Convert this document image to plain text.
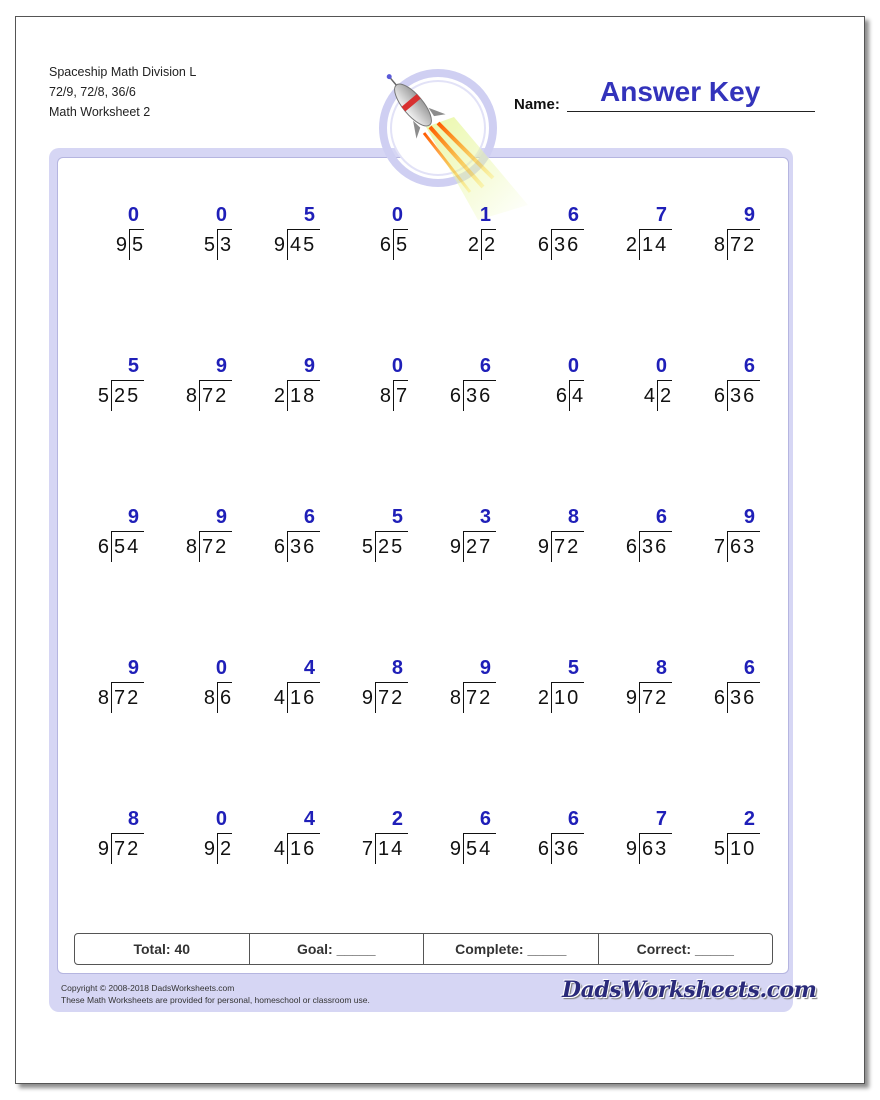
Spaceship Math Division L
72/9, 72/8, 36/6
Math Worksheet 2	Name: Answer Key
0
9 5
0
5 3
5
9 45
0
6 5
1
2 2
6
6 36
7
2 14
9
8 72
5
5 25
9
8 72
9
2 18
0
8 7
6
6 36
0
6 4
0
4 2
6
6 36
9
6 54
9
8 72
6
6 36
5
5 25
3
9 27
8
9 72
6
6 36
9
7 63
9
8 72
0
8 6
4
4 16
8
9 72
9
8 72
5
2 10
8
9 72
6
6 36
8
9 72
0
9 2
4
4 16
2
7 14
6
9 54
6
6 36
7
9 63
2
5 10
Total: 40	Goal: _____	Complete: _____	Correct: _____
Copyright © 2008-2018 DadsWorksheets.com
These Math Worksheets are provided for personal, homeschool or classroom use.	DadsWorksheets.com
